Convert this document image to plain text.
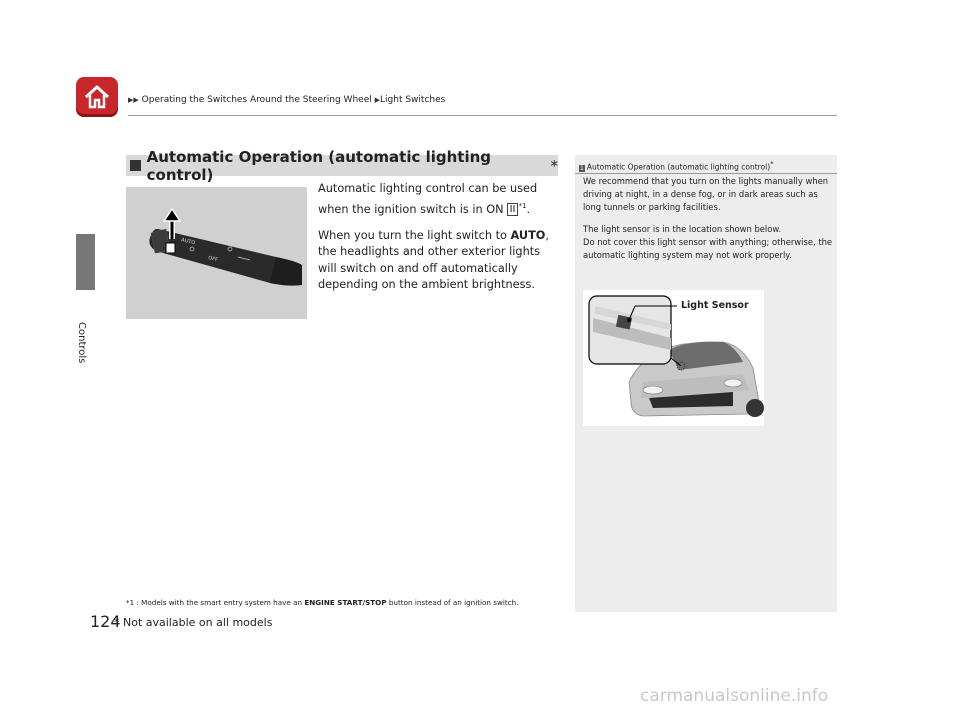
▶▶ Operating the Switches Around the Steering Wheel ▶Light Switches
Controls
124
Automatic Operation (automatic lighting control)	*
AUTO
OFF

Automatic lighting control can be used when the ignition switch is in ON II $^{*1}$.

When you turn the light switch to AUTO, the headlights and other exterior lights will switch on and off automatically depending on the ambient brightness.

*1 : Models with the smart entry system have an ENGINE START/STOP button instead of an ignition switch.
* Not available on all models
1 Automatic Operation (automatic lighting control)*

We recommend that you turn on the lights manually when driving at night, in a dense fog, or in dark areas such as long tunnels or parking facilities.

The light sensor is in the location shown below.
Do not cover this light sensor with anything; otherwise, the automatic lighting system may not work properly.

Light Sensor
carmanualsonline.info
